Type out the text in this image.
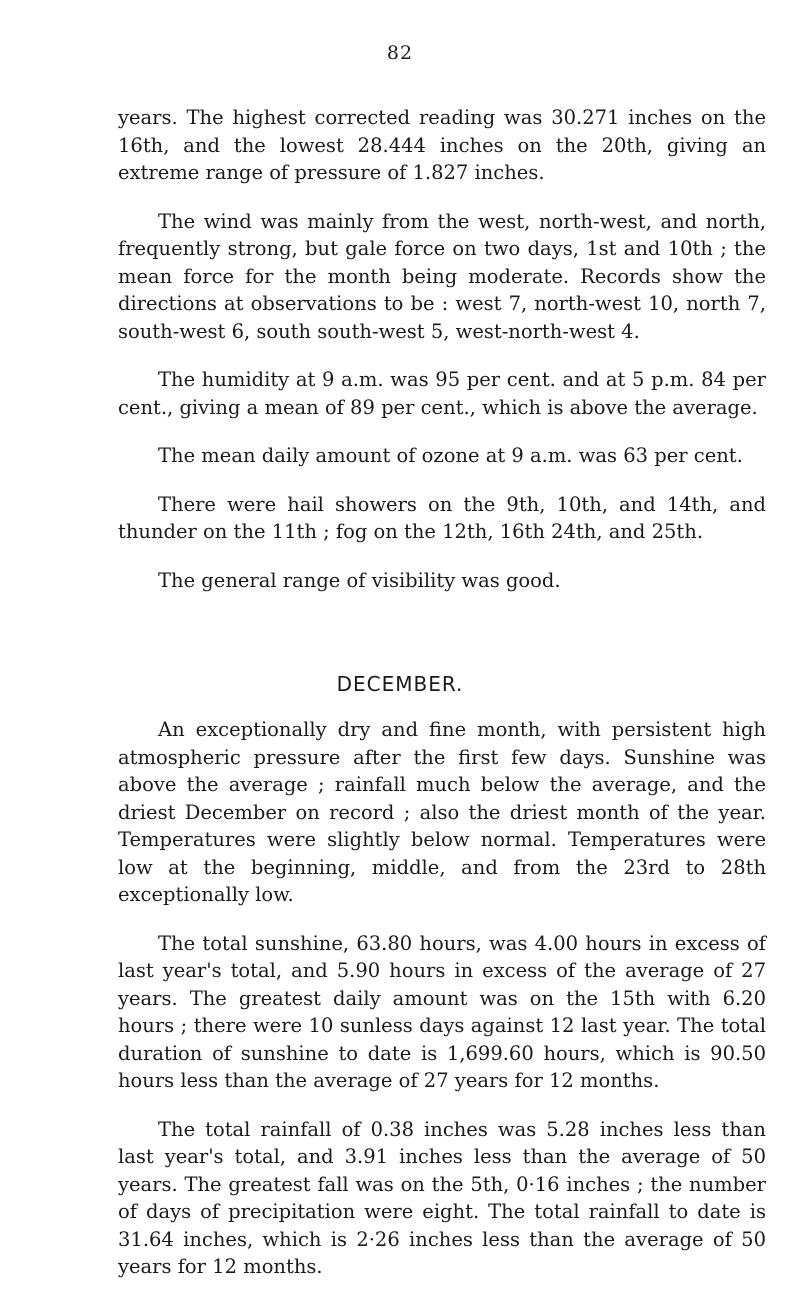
82

years. The highest corrected reading was 30.271 inches on the 16th, and the lowest 28.444 inches on the 20th, giving an extreme range of pressure of 1.827 inches.

The wind was mainly from the west, north-west, and north, frequently strong, but gale force on two days, 1st and 10th ; the mean force for the month being moderate. Records show the directions at observations to be : west 7, north-west 10, north 7, south-west 6, south south-west 5, west-north-west 4.

The humidity at 9 a.m. was 95 per cent. and at 5 p.m. 84 per cent., giving a mean of 89 per cent., which is above the average.

The mean daily amount of ozone at 9 a.m. was 63 per cent.

There were hail showers on the 9th, 10th, and 14th, and thunder on the 11th ; fog on the 12th, 16th 24th, and 25th.

The general range of visibility was good.

DECEMBER.

An exceptionally dry and fine month, with persistent high atmospheric pressure after the first few days. Sunshine was above the average ; rainfall much below the average, and the driest December on record ; also the driest month of the year. Temperatures were slightly below normal. Temperatures were low at the beginning, middle, and from the 23rd to 28th exceptionally low.

The total sunshine, 63.80 hours, was 4.00 hours in excess of last year's total, and 5.90 hours in excess of the average of 27 years. The greatest daily amount was on the 15th with 6.20 hours ; there were 10 sunless days against 12 last year. The total duration of sunshine to date is 1,699.60 hours, which is 90.50 hours less than the average of 27 years for 12 months.

The total rainfall of 0.38 inches was 5.28 inches less than last year's total, and 3.91 inches less than the average of 50 years. The greatest fall was on the 5th, 0·16 inches ; the number of days of precipitation were eight. The total rainfall to date is 31.64 inches, which is 2·26 inches less than the average of 50 years for 12 months.
